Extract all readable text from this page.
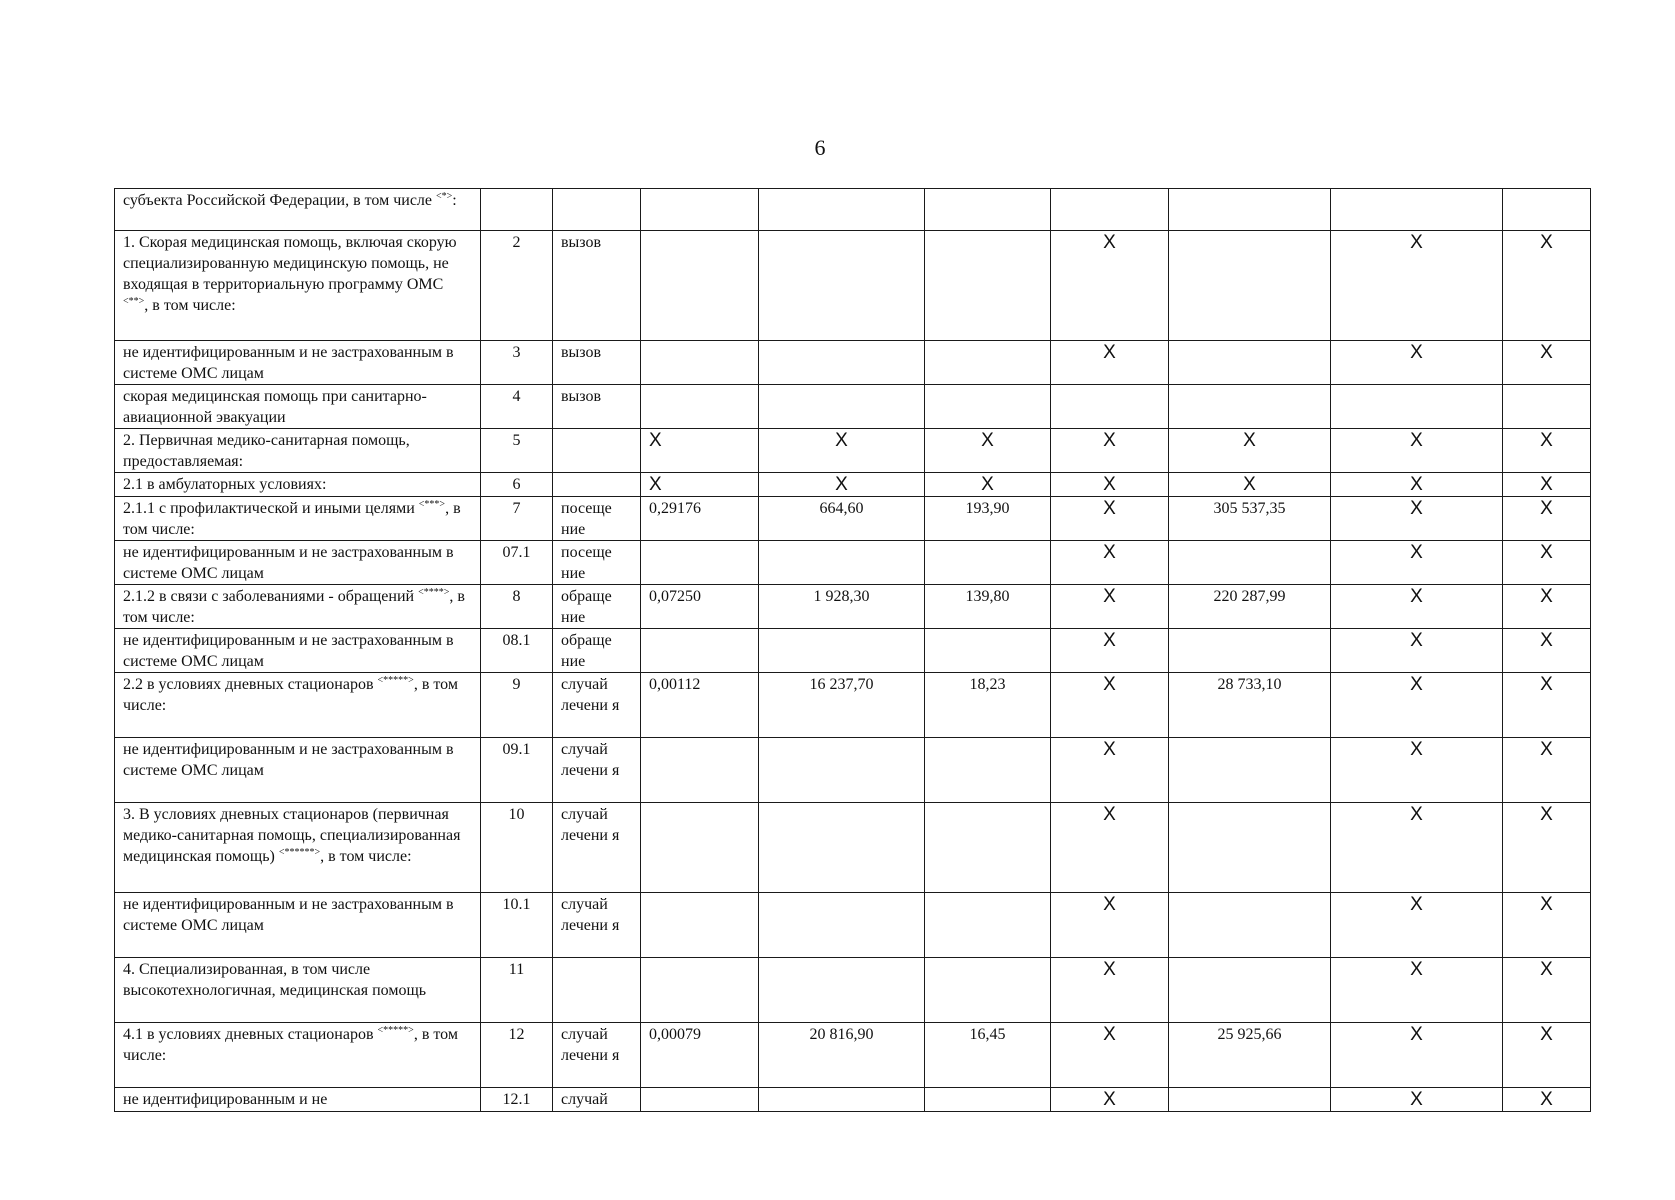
6
субъекта Российской Федерации, в том числе <*>:									
1. Скорая медицинская помощь, включая скорую специализированную медицинскую помощь, не входящая в территориальную программу ОМС <**>, в том числе:	2	вызов				X		X	X
не идентифицированным и не застрахованным в системе ОМС лицам	3	вызов				X		X	X
скорая медицинская помощь при санитарно-авиационной эвакуации	4	вызов							
2. Первичная медико-санитарная помощь, предоставляемая:	5		X	X	X	X	X	X	X
2.1 в амбулаторных условиях:	6		X	X	X	X	X	X	X
2.1.1 с профилактической и иными целями <***>, в том числе:	7	посеще ние	0,29176	664,60	193,90	X	305 537,35	X	X
не идентифицированным и не застрахованным в системе ОМС лицам	07.1	посеще ние				X		X	X
2.1.2 в связи с заболеваниями - обращений <****>, в том числе:	8	обраще ние	0,07250	1 928,30	139,80	X	220 287,99	X	X
не идентифицированным и не застрахованным в системе ОМС лицам	08.1	обраще ние				X		X	X
2.2 в условиях дневных стационаров <*****>, в том числе:	9	случай лечени я	0,00112	16 237,70	18,23	X	28 733,10	X	X
не идентифицированным и не застрахованным в системе ОМС лицам	09.1	случай лечени я				X		X	X
3. В условиях дневных стационаров (первичная медико-санитарная помощь, специализированная медицинская помощь) <******>, в том числе:	10	случай лечени я				X		X	X
не идентифицированным и не застрахованным в системе ОМС лицам	10.1	случай лечени я				X		X	X
4. Специализированная, в том числе высокотехнологичная, медицинская помощь	11					X		X	X
4.1 в условиях дневных стационаров <*****>, в том числе:	12	случай лечени я	0,00079	20 816,90	16,45	X	25 925,66	X	X
не идентифицированным и не	12.1	случай				X		X	X
